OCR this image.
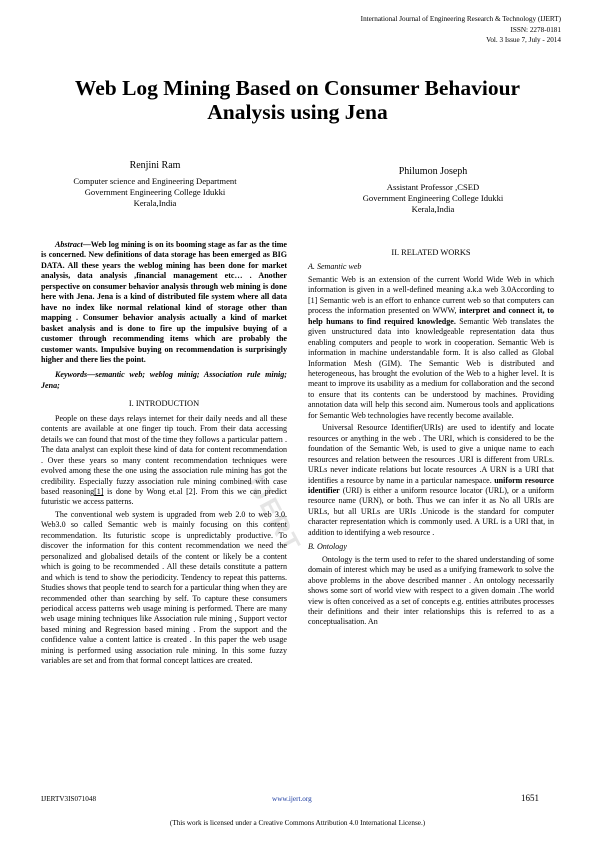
International Journal of Engineering Research & Technology (IJERT)
ISSN: 2278-0181
Vol. 3 Issue 7, July - 2014
Web Log Mining Based on Consumer Behaviour
Analysis using Jena
Renjini Ram
Computer science and Engineering Department
Government Engineering College Idukki
Kerala,India
Philumon Joseph
Assistant Professor ,CSED
Government Engineering College Idukki
Kerala,India
IJERT

Abstract—Web log mining is on its booming stage as far as the time is concerned. New definitions of data storage has been emerged as BIG DATA. All these years the weblog mining has been done for market analysis, data analysis ,financial management etc… . Another perspective on consumer behavior analysis through web mining is done here with Jena. Jena is a kind of distributed file system where all data have no index like normal relational kind of storage other than mapping . Consumer behavior analysis actually a kind of market basket analysis and is done to fire up the impulsive buying of a customer through recommending items which are probably the customer wants. Impulsive buying on recommendation is surprisingly higher and there lies the point.

Keywords—semantic web; weblog minig; Association rule minig; Jena;

I. INTRODUCTION

People on these days relays internet for their daily needs and all these contents are available at one finger tip touch. From their data accessing details we can found that most of the time they follows a particular pattern . The data analyst can exploit these kind of data for content recommendation . Over these years so many content recommendation techniques were evolved among these the one using the association rule mining has got the credibility. Especially fuzzy association rule mining combined with case based reasoning[1] is done by Wong et.al [2]. From this we can predict futuristic we access patterns.

The conventional web system is upgraded from web 2.0 to web 3.0. Web3.0 so called Semantic web is mainly focusing on this content recommendation. Its futuristic scope is unpredictably productive. To discover the information for this content recommendation we need the personalized and globalised details of the content or likely be a content which is going to be recommended . All these details constitute a pattern and which is tend to show the periodicity. Tendency to repeat this patterns. Studies shows that people tend to search for a particular thing when they are recommended other than searching by self. To capture these consumers periodical access patterns web usage mining is performed. There are many web usage mining techniques like Association rule mining , Support vector based mining and Regression based mining . From the support and the confidence value a content lattice is created . In this paper the web usage mining is performed using association rule mining. In this some fuzzy variables are set and from that formal concept lattices are created.

II. RELATED WORKS

A. Semantic web

Semantic Web is an extension of the current World Wide Web in which information is given in a well-defined meaning a.k.a web 3.0According to [1] Semantic web is an effort to enhance current web so that computers can process the information presented on WWW, interpret and connect it, to help humans to find required knowledge. Semantic Web translates the given unstructured data into knowledgeable representation data thus enabling computers and people to work in cooperation. Semantic Web is information in machine understandable form. It is also called as Global Information Mesh (GIM). The Semantic Web is distributed and heterogeneous, has brought the evolution of the Web to a higher level. It is meant to improve its usability as a medium for collaboration and the second to ensure that its contents can be understood by machines. Providing annotation data will help this second aim. Numerous tools and applications for Semantic Web technologies have recently become available.

Universal Resource Identifier(URIs) are used to identify and locate resources or anything in the web . The URI, which is considered to be the foundation of the Semantic Web, is used to give a unique name to each resources and relation between the resources .URI is different from URLs. URLs never indicate relations but locate resources .A URN is a URI that identifies a resource by name in a particular namespace. uniform resource identifier (URI) is either a uniform resource locator (URL), or a uniform resource name (URN), or both. Thus we can infer it as No all URIs are URLs, but all URLs are URIs .Unicode is the standard for computer character representation which is commonly used. A URL is a URI that, in addition to identifying a web resource .

B. Ontology

Ontology is the term used to refer to the shared understanding of some domain of interest which may be used as a unifying framework to solve the above problems in the above described manner . An ontology necessarily shows some sort of world view with respect to a given domain .The world view is often conceived as a set of concepts e.g. entities attributes processes their definitions and their inter relationships this is referred to as a conceptualisation. An

IJERTV3IS071048	www.ijert.org	1651
(This work is licensed under a Creative Commons Attribution 4.0 International License.)
